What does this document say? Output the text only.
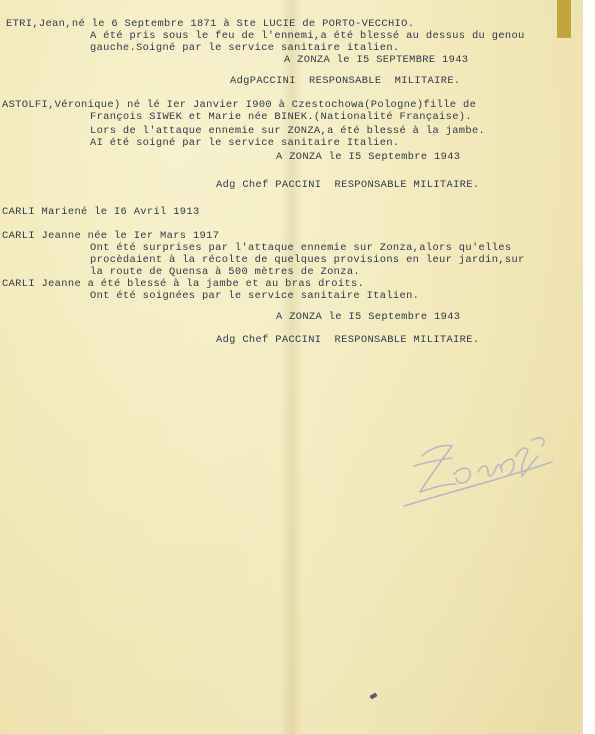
ETRI,Jean,né le 6 Septembre 1871 à Ste LUCIE de PORTO-VECCHIO.
A été pris sous le feu de l'ennemi,a été blessé au dessus du genou
gauche.Soigné par le service sanitaire italien.
A ZONZA le I5 SEPTEMBRE 1943
AdgPACCINI  RESPONSABLE  MILITAIRE.
ASTOLFI,Véronique) né lé Ier Janvier I900 à Czestochowa(Pologne)fille de
François SIWEK et Marie née BINEK.(Nationalité Française).
Lors de l'attaque ennemie sur ZONZA,a été blessé à la jambe.
AI été soigné par le service sanitaire Italien.
A ZONZA le I5 Septembre 1943
Adg Chef PACCINI  RESPONSABLE MILITAIRE.
CARLI Mariené le I6 Avril 1913
CARLI Jeanne née le Ier Mars 1917
Ont été surprises par l'attaque ennemie sur Zonza,alors qu'elles
procèdaient à la récolte de quelques provisions en leur jardin,sur
la route de Quensa à 500 mètres de Zonza.
CARLI Jeanne a été blessé à la jambe et au bras droits.
Ont été soignées par le service sanitaire Italien.
A ZONZA le I5 Septembre 1943
Adg Chef PACCINI  RESPONSABLE MILITAIRE.
